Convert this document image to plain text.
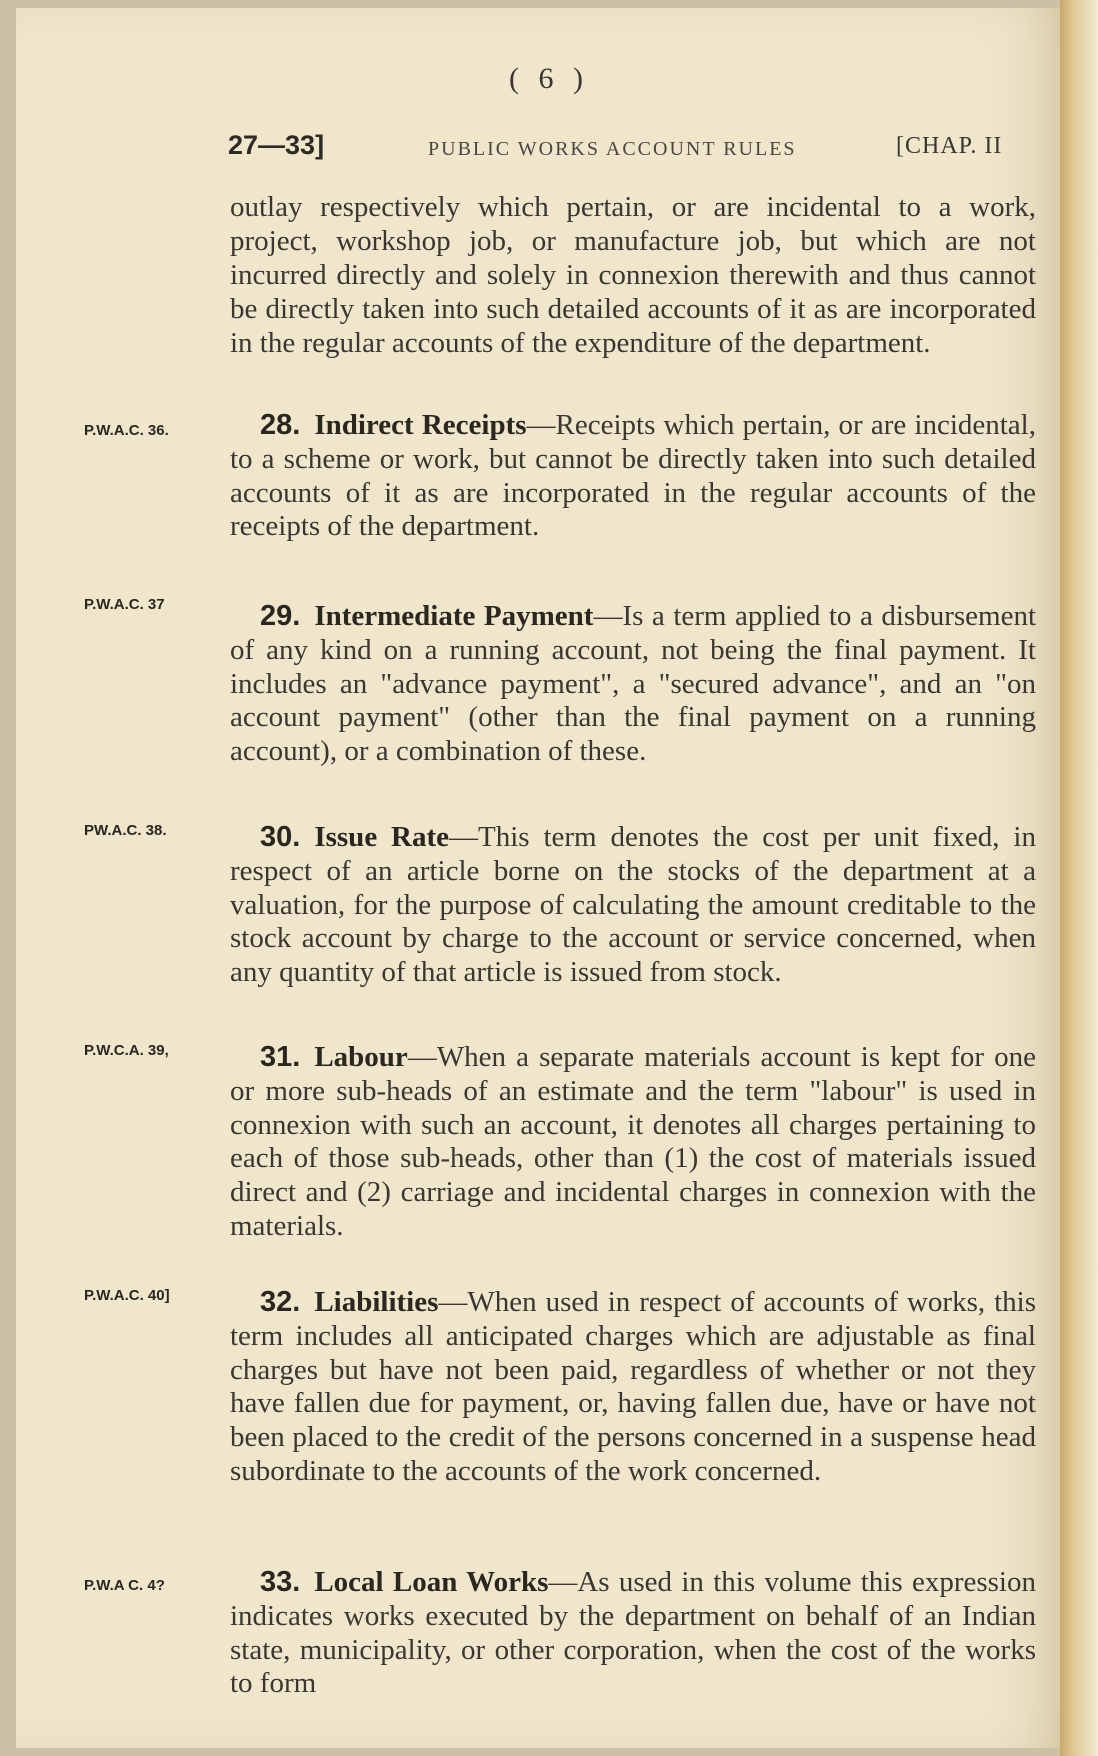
( 6 )
27—33]	PUBLIC WORKS ACCOUNT RULES	[CHAP. II

outlay respectively which pertain, or are incidental to a work, project, workshop job, or manufacture job, but which are not incurred directly and solely in connexion therewith and thus cannot be directly taken into such detailed accounts of it as are incorporated in the regular accounts of the expenditure of the department.

P.W.A.C. 36.	28. Indirect Receipts—Receipts which pertain, or are incidental, to a scheme or work, but cannot be directly taken into such detailed accounts of it as are incorporated in the regular accounts of the receipts of the department.

P.W.A.C. 37	29. Intermediate Payment—Is a term applied to a disbursement of any kind on a running account, not being the final payment. It includes an "advance payment", a "secured advance", and an "on account payment" (other than the final payment on a running account), or a combination of these.

PW.A.C. 38.	30. Issue Rate—This term denotes the cost per unit fixed, in respect of an article borne on the stocks of the department at a valuation, for the purpose of calculating the amount creditable to the stock account by charge to the account or service concerned, when any quantity of that article is issued from stock.

P.W.C.A. 39,	31. Labour—When a separate materials account is kept for one or more sub-heads of an estimate and the term "labour" is used in connexion with such an account, it denotes all charges pertaining to each of those sub-heads, other than (1) the cost of materials issued direct and (2) carriage and incidental charges in connexion with the materials.

P.W.A.C. 40]	32. Liabilities—When used in respect of accounts of works, this term includes all anticipated charges which are adjustable as final charges but have not been paid, regardless of whether or not they have fallen due for payment, or, having fallen due, have or have not been placed to the credit of the persons concerned in a suspense head subordinate to the accounts of the work concerned.

P.W.A C. 4?	33. Local Loan Works—As used in this volume this expression indicates works executed by the department on behalf of an Indian state, municipality, or other corporation, when the cost of the works to form
